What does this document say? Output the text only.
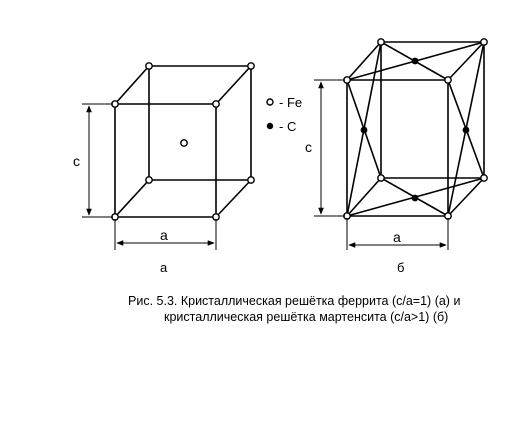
c
a
а
- Fe
- C
c
a
б
Рис. 5.3. Кристаллическая решётка феррита (c/a=1) (а) и
кристаллическая решётка мартенсита (c/a>1) (б)
